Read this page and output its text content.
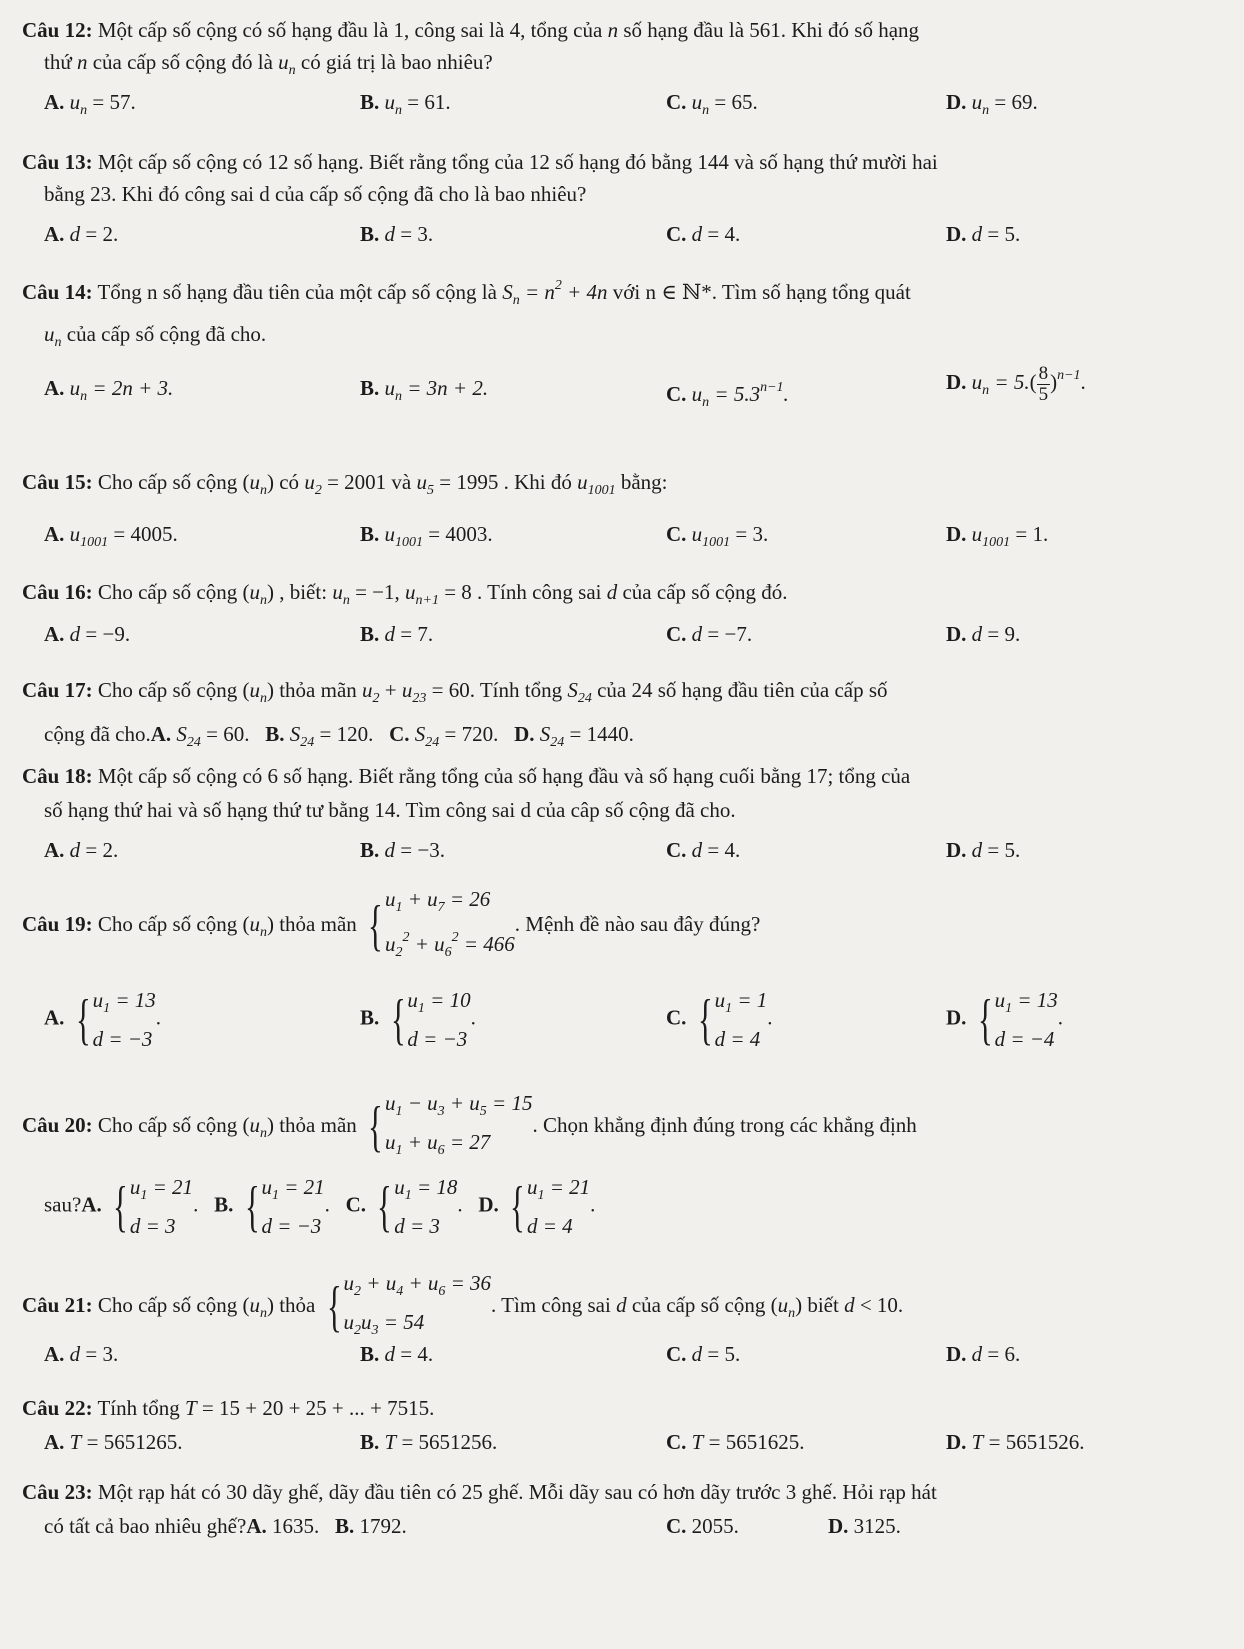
Câu 12: Một cấp số cộng có số hạng đầu là 1, công sai là 4, tổng của n số hạng đầu là 561. Khi đó số hạng
thứ n của cấp số cộng đó là $u_n$ có giá trị là bao nhiêu?
A. $u_n = 57$.	B. $u_n = 61$.	C. $u_n = 65$.	D. $u_n = 69$.
Câu 13: Một cấp số cộng có 12 số hạng. Biết rằng tổng của 12 số hạng đó bằng 144 và số hạng thứ mười hai
bằng 23. Khi đó công sai d của cấp số cộng đã cho là bao nhiêu?
A. d = 2.	B. d = 3.	C. d = 4.	D. d = 5.
Câu 14: Tổng n số hạng đầu tiên của một cấp số cộng là $S_n = n^2 + 4n$ với n ∈ ℕ*. Tìm số hạng tổng quát
$u_n$ của cấp số cộng đã cho.
A. $u_n = 2n + 3$.	B. $u_n = 3n + 2$.	C. $u_n = 5.3^{n-1}$.	D. $u_n = 5.( \frac{8}{5} )^{n-1}$.
Câu 15: Cho cấp số cộng $(u_n)$ có $u_2 = 2001$ và $u_5 = 1995$ . Khi đó $u_{1001}$ bằng:
A. $u_{1001} = 4005$.	B. $u_{1001} = 4003$.	C. $u_{1001} = 3$.	D. $u_{1001} = 1$.
Câu 16: Cho cấp số cộng $(u_n)$ , biết: $u_n = -1$, $u_{n+1} = 8$ . Tính công sai d của cấp số cộng đó.
A. d = −9.	B. d = 7.	C. d = −7.	D. d = 9.
Câu 17: Cho cấp số cộng $(u_n)$ thỏa mãn $u_2 + u_{23} = 60$. Tính tổng $S_{24}$ của 24 số hạng đầu tiên của cấp số
cộng đã cho.A. $S_{24} = 60$.   B. $S_{24} = 120$.   C. $S_{24} = 720$.   D. $S_{24} = 1440$.
Câu 18: Một cấp số cộng có 6 số hạng. Biết rằng tổng của số hạng đầu và số hạng cuối bằng 17; tổng của
số hạng thứ hai và số hạng thứ tư bằng 14. Tìm công sai d của câp số cộng đã cho.
A. d = 2.	B. d = −3.	C. d = 4.	D. d = 5.
Câu 19: Cho cấp số cộng $(u_n)$ thỏa mãn { $u_1 + u_7 = 26$
$u_2^2 + u_6^2 = 466$
. Mệnh đề nào sau đây đúng?
A. { $u_1 = 13$
d = −3
.	B. { $u_1 = 10$
d = −3
.	C. { $u_1 = 1$
d = 4
.	D. { $u_1 = 13$
d = −4
.
Câu 20: Cho cấp số cộng $(u_n)$ thỏa mãn { $u_1 - u_3 + u_5 = 15$
$u_1 + u_6 = 27$
. Chọn khẳng định đúng trong các khẳng định
sau?A. { $u_1 = 21$
d = 3
.   B. { $u_1 = 21$
d = −3
.   C. { $u_1 = 18$
d = 3
.   D. { $u_1 = 21$
d = 4
.
Câu 21: Cho cấp số cộng $(u_n)$ thỏa { $u_2 + u_4 + u_6 = 36$
$u_2u_3 = 54$
. Tìm công sai d của cấp số cộng $(u_n)$ biết d < 10.
A. d = 3.	B. d = 4.	C. d = 5.	D. d = 6.
Câu 22: Tính tổng T = 15 + 20 + 25 + ... + 7515.
A. T = 5651265.	B. T = 5651256.	C. T = 5651625.	D. T = 5651526.
Câu 23: Một rạp hát có 30 dãy ghế, dãy đầu tiên có 25 ghế. Mỗi dãy sau có hơn dãy trước 3 ghế. Hỏi rạp hát
có tất cả bao nhiêu ghế?A. 1635. B. 1792.	C. 2055.	D. 3125.
